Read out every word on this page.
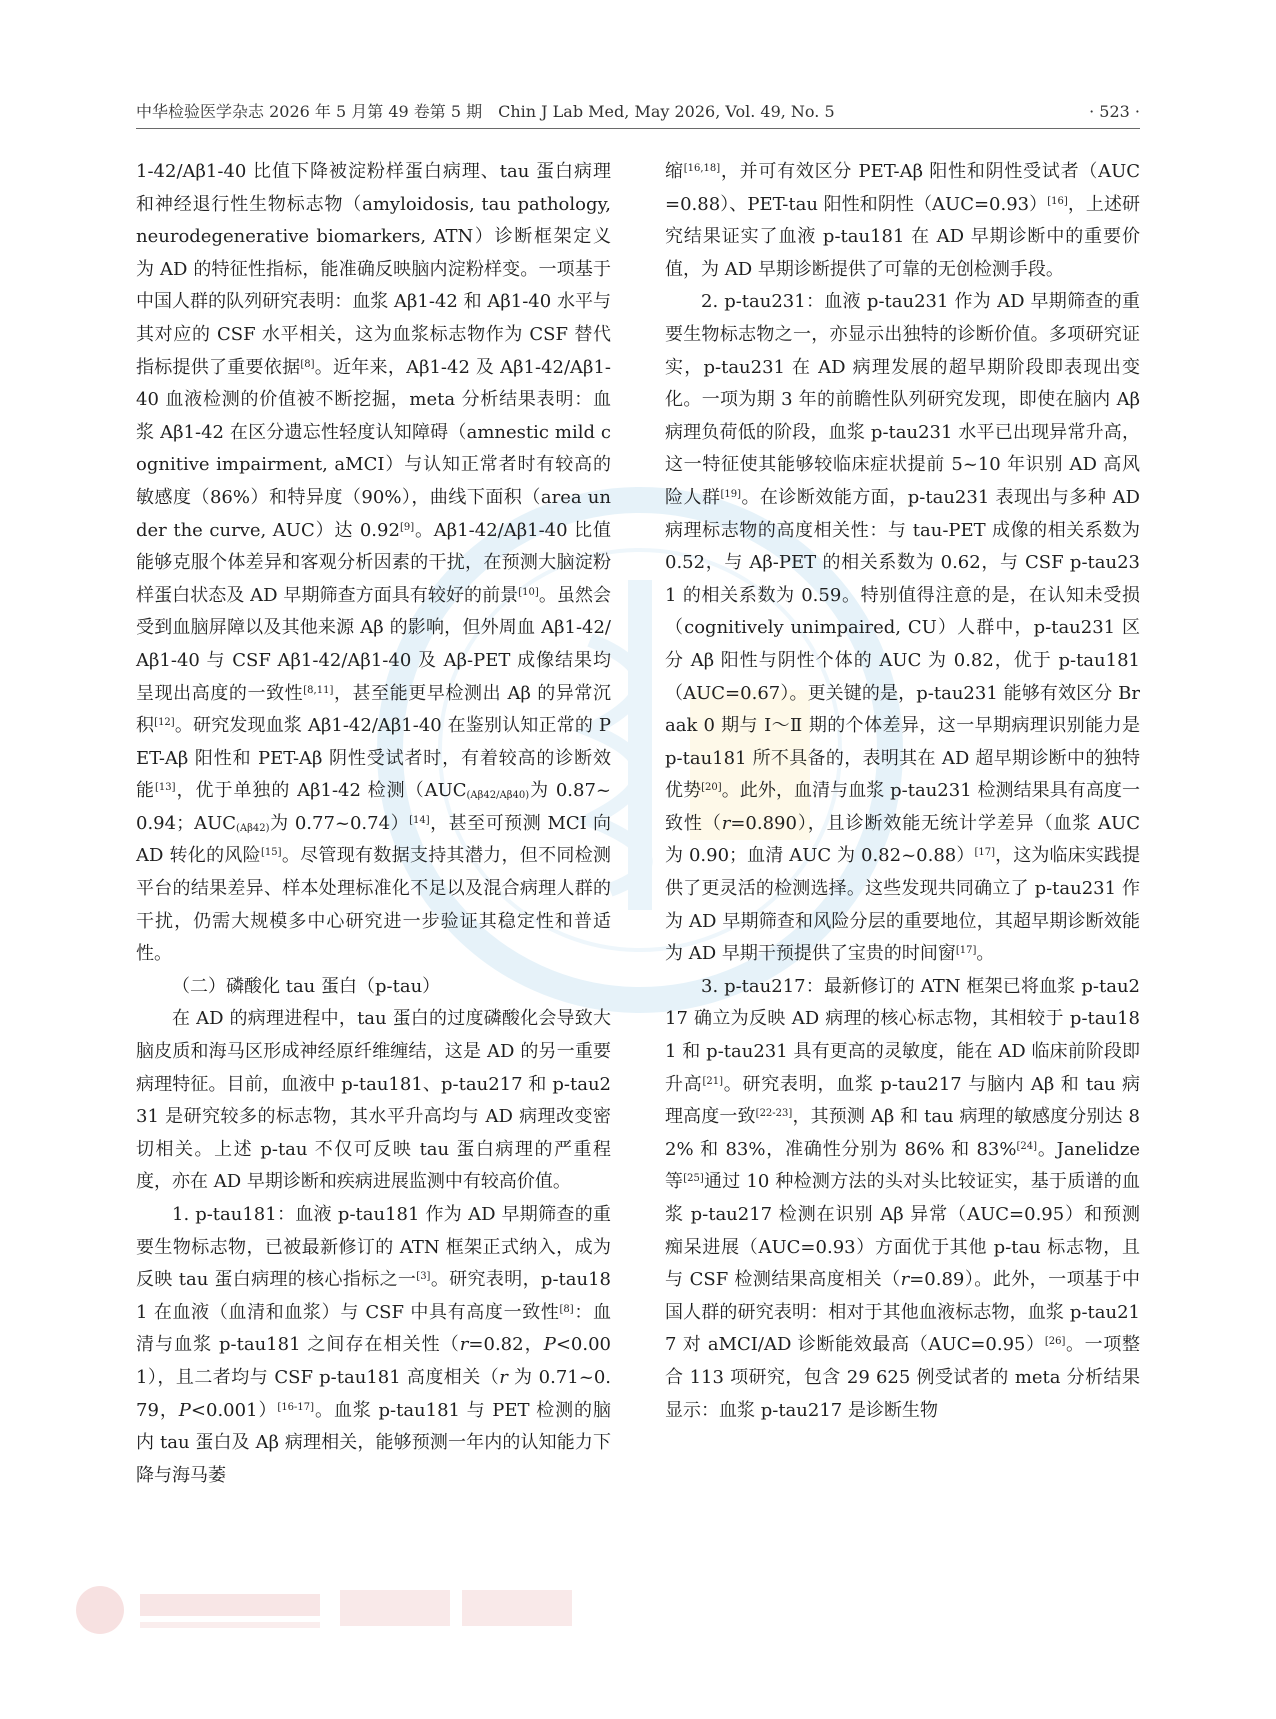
中华检验医学杂志 2026 年 5 月第 49 卷第 5 期　Chin J Lab Med, May 2026, Vol. 49, No. 5	· 523 ·

1-42/Aβ1-40 比值下降被淀粉样蛋白病理、tau 蛋白病理和神经退行性生物标志物（amyloidosis, tau pathology, neurodegenerative biomarkers, ATN）诊断框架定义为 AD 的特征性指标，能准确反映脑内淀粉样变。一项基于中国人群的队列研究表明：血浆 Aβ1-42 和 Aβ1-40 水平与其对应的 CSF 水平相关，这为血浆标志物作为 CSF 替代指标提供了重要依据[8]。近年来，Aβ1-42 及 Aβ1-42/Aβ1-40 血液检测的价值被不断挖掘，meta 分析结果表明：血浆 Aβ1-42 在区分遗忘性轻度认知障碍（amnestic mild cognitive impairment, aMCI）与认知正常者时有较高的敏感度（86%）和特异度（90%），曲线下面积（area under the curve, AUC）达 0.92[9]。Aβ1-42/Aβ1-40 比值能够克服个体差异和客观分析因素的干扰，在预测大脑淀粉样蛋白状态及 AD 早期筛查方面具有较好的前景[10]。虽然会受到血脑屏障以及其他来源 Aβ 的影响，但外周血 Aβ1-42/Aβ1-40 与 CSF Aβ1-42/Aβ1-40 及 Aβ-PET 成像结果均呈现出高度的一致性[8,11]，甚至能更早检测出 Aβ 的异常沉积[12]。研究发现血浆 Aβ1-42/Aβ1-40 在鉴别认知正常的 PET-Aβ 阳性和 PET-Aβ 阴性受试者时，有着较高的诊断效能[13]，优于单独的 Aβ1-42 检测（$AUC_{(A\beta 42/A\beta 40)}$为 0.87~0.94；$AUC_{(A\beta 42)}$为 0.77~0.74）[14]，甚至可预测 MCI 向 AD 转化的风险[15]。尽管现有数据支持其潜力，但不同检测平台的结果差异、样本处理标准化不足以及混合病理人群的干扰，仍需大规模多中心研究进一步验证其稳定性和普适性。

（二）磷酸化 tau 蛋白（p-tau）

在 AD 的病理进程中，tau 蛋白的过度磷酸化会导致大脑皮质和海马区形成神经原纤维缠结，这是 AD 的另一重要病理特征。目前，血液中 p-tau181、p-tau217 和 p-tau231 是研究较多的标志物，其水平升高均与 AD 病理改变密切相关。上述 p-tau 不仅可反映 tau 蛋白病理的严重程度，亦在 AD 早期诊断和疾病进展监测中有较高价值。

1. p-tau181：血液 p-tau181 作为 AD 早期筛查的重要生物标志物，已被最新修订的 ATN 框架正式纳入，成为反映 tau 蛋白病理的核心指标之一[3]。研究表明，p-tau181 在血液（血清和血浆）与 CSF 中具有高度一致性[8]：血清与血浆 p-tau181 之间存在相关性（r=0.82，P<0.001），且二者均与 CSF p-tau181 高度相关（r 为 0.71~0.79，P<0.001）[16-17]。血浆 p-tau181 与 PET 检测的脑内 tau 蛋白及 Aβ 病理相关，能够预测一年内的认知能力下降与海马萎

缩[16,18]，并可有效区分 PET-Aβ 阳性和阴性受试者（AUC=0.88）、PET-tau 阳性和阴性（AUC=0.93）[16]，上述研究结果证实了血液 p-tau181 在 AD 早期诊断中的重要价值，为 AD 早期诊断提供了可靠的无创检测手段。

2. p-tau231：血液 p-tau231 作为 AD 早期筛查的重要生物标志物之一，亦显示出独特的诊断价值。多项研究证实，p-tau231 在 AD 病理发展的超早期阶段即表现出变化。一项为期 3 年的前瞻性队列研究发现，即使在脑内 Aβ 病理负荷低的阶段，血浆 p-tau231 水平已出现异常升高，这一特征使其能够较临床症状提前 5~10 年识别 AD 高风险人群[19]。在诊断效能方面，p-tau231 表现出与多种 AD 病理标志物的高度相关性：与 tau-PET 成像的相关系数为 0.52，与 Aβ-PET 的相关系数为 0.62，与 CSF p-tau231 的相关系数为 0.59。特别值得注意的是，在认知未受损（cognitively unimpaired, CU）人群中，p-tau231 区分 Aβ 阳性与阴性个体的 AUC 为 0.82，优于 p-tau181（AUC=0.67）。更关键的是，p-tau231 能够有效区分 Braak 0 期与 Ⅰ～Ⅱ 期的个体差异，这一早期病理识别能力是 p-tau181 所不具备的，表明其在 AD 超早期诊断中的独特优势[20]。此外，血清与血浆 p-tau231 检测结果具有高度一致性（r=0.890），且诊断效能无统计学差异（血浆 AUC 为 0.90；血清 AUC 为 0.82~0.88）[17]，这为临床实践提供了更灵活的检测选择。这些发现共同确立了 p-tau231 作为 AD 早期筛查和风险分层的重要地位，其超早期诊断效能为 AD 早期干预提供了宝贵的时间窗[17]。

3. p-tau217：最新修订的 ATN 框架已将血浆 p-tau217 确立为反映 AD 病理的核心标志物，其相较于 p-tau181 和 p-tau231 具有更高的灵敏度，能在 AD 临床前阶段即升高[21]。研究表明，血浆 p-tau217 与脑内 Aβ 和 tau 病理高度一致[22-23]，其预测 Aβ 和 tau 病理的敏感度分别达 82% 和 83%，准确性分别为 86% 和 83%[24]。Janelidze 等[25]通过 10 种检测方法的头对头比较证实，基于质谱的血浆 p-tau217 检测在识别 Aβ 异常（AUC=0.95）和预测痴呆进展（AUC=0.93）方面优于其他 p-tau 标志物，且与 CSF 检测结果高度相关（r=0.89）。此外，一项基于中国人群的研究表明：相对于其他血液标志物，血浆 p-tau217 对 aMCI/AD 诊断能效最高（AUC=0.95）[26]。一项整合 113 项研究，包含 29 625 例受试者的 meta 分析结果显示：血浆 p-tau217 是诊断生物
